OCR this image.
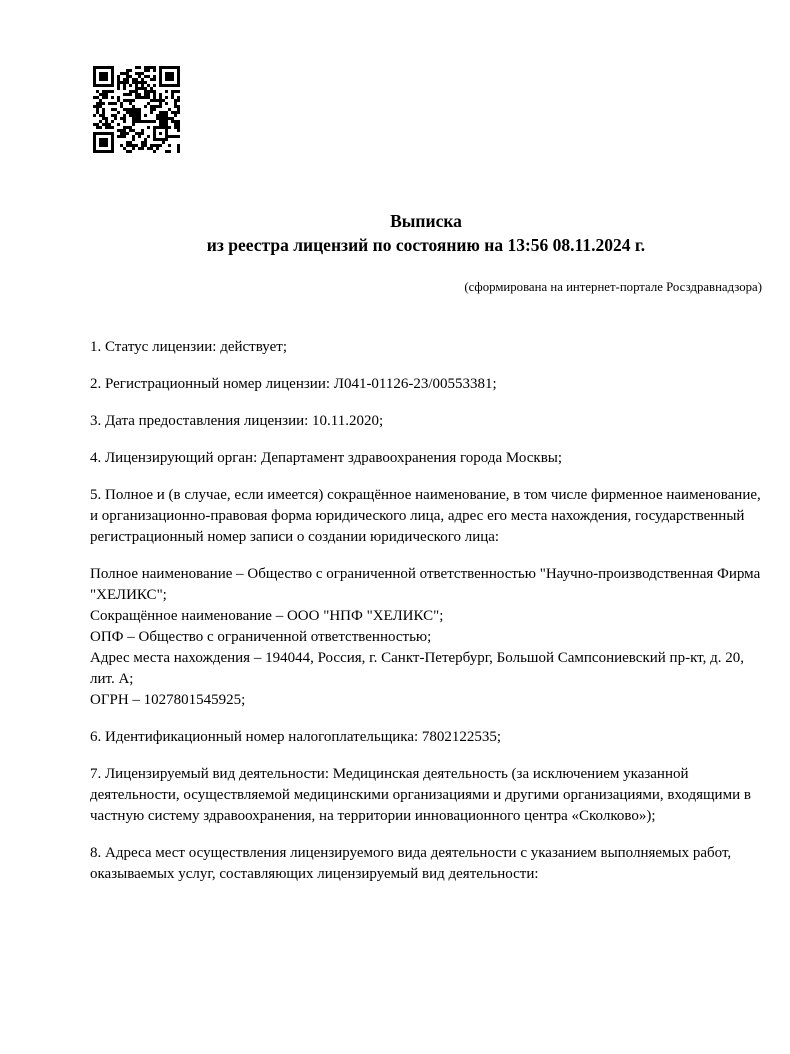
Выписка
из реестра лицензий по состоянию на 13:56 08.11.2024 г.
(сформирована на интернет-портале Росздравнадзора)
1. Статус лицензии: действует;
2. Регистрационный номер лицензии: Л041-01126-23/00553381;
3. Дата предоставления лицензии: 10.11.2020;
4. Лицензирующий орган: Департамент здравоохранения города Москвы;
5. Полное и (в случае, если имеется) сокращённое наименование, в том числе фирменное наименование, и организационно-правовая форма юридического лица, адрес его места нахождения, государственный регистрационный номер записи о создании юридического лица:
Полное наименование – Общество с ограниченной ответственностью "Научно-производственная Фирма "ХЕЛИКС";
Сокращённое наименование – ООО "НПФ "ХЕЛИКС";
ОПФ – Общество с ограниченной ответственностью;
Адрес места нахождения – 194044, Россия, г. Санкт-Петербург, Большой Сампсониевский пр-кт, д. 20, лит. А;
ОГРН – 1027801545925;
6. Идентификационный номер налогоплательщика: 7802122535;
7. Лицензируемый вид деятельности: Медицинская деятельность (за исключением указанной деятельности, осуществляемой медицинскими организациями и другими организациями, входящими в частную систему здравоохранения, на территории инновационного центра «Сколково»);
8. Адреса мест осуществления лицензируемого вида деятельности с указанием выполняемых работ, оказываемых услуг, составляющих лицензируемый вид деятельности:
